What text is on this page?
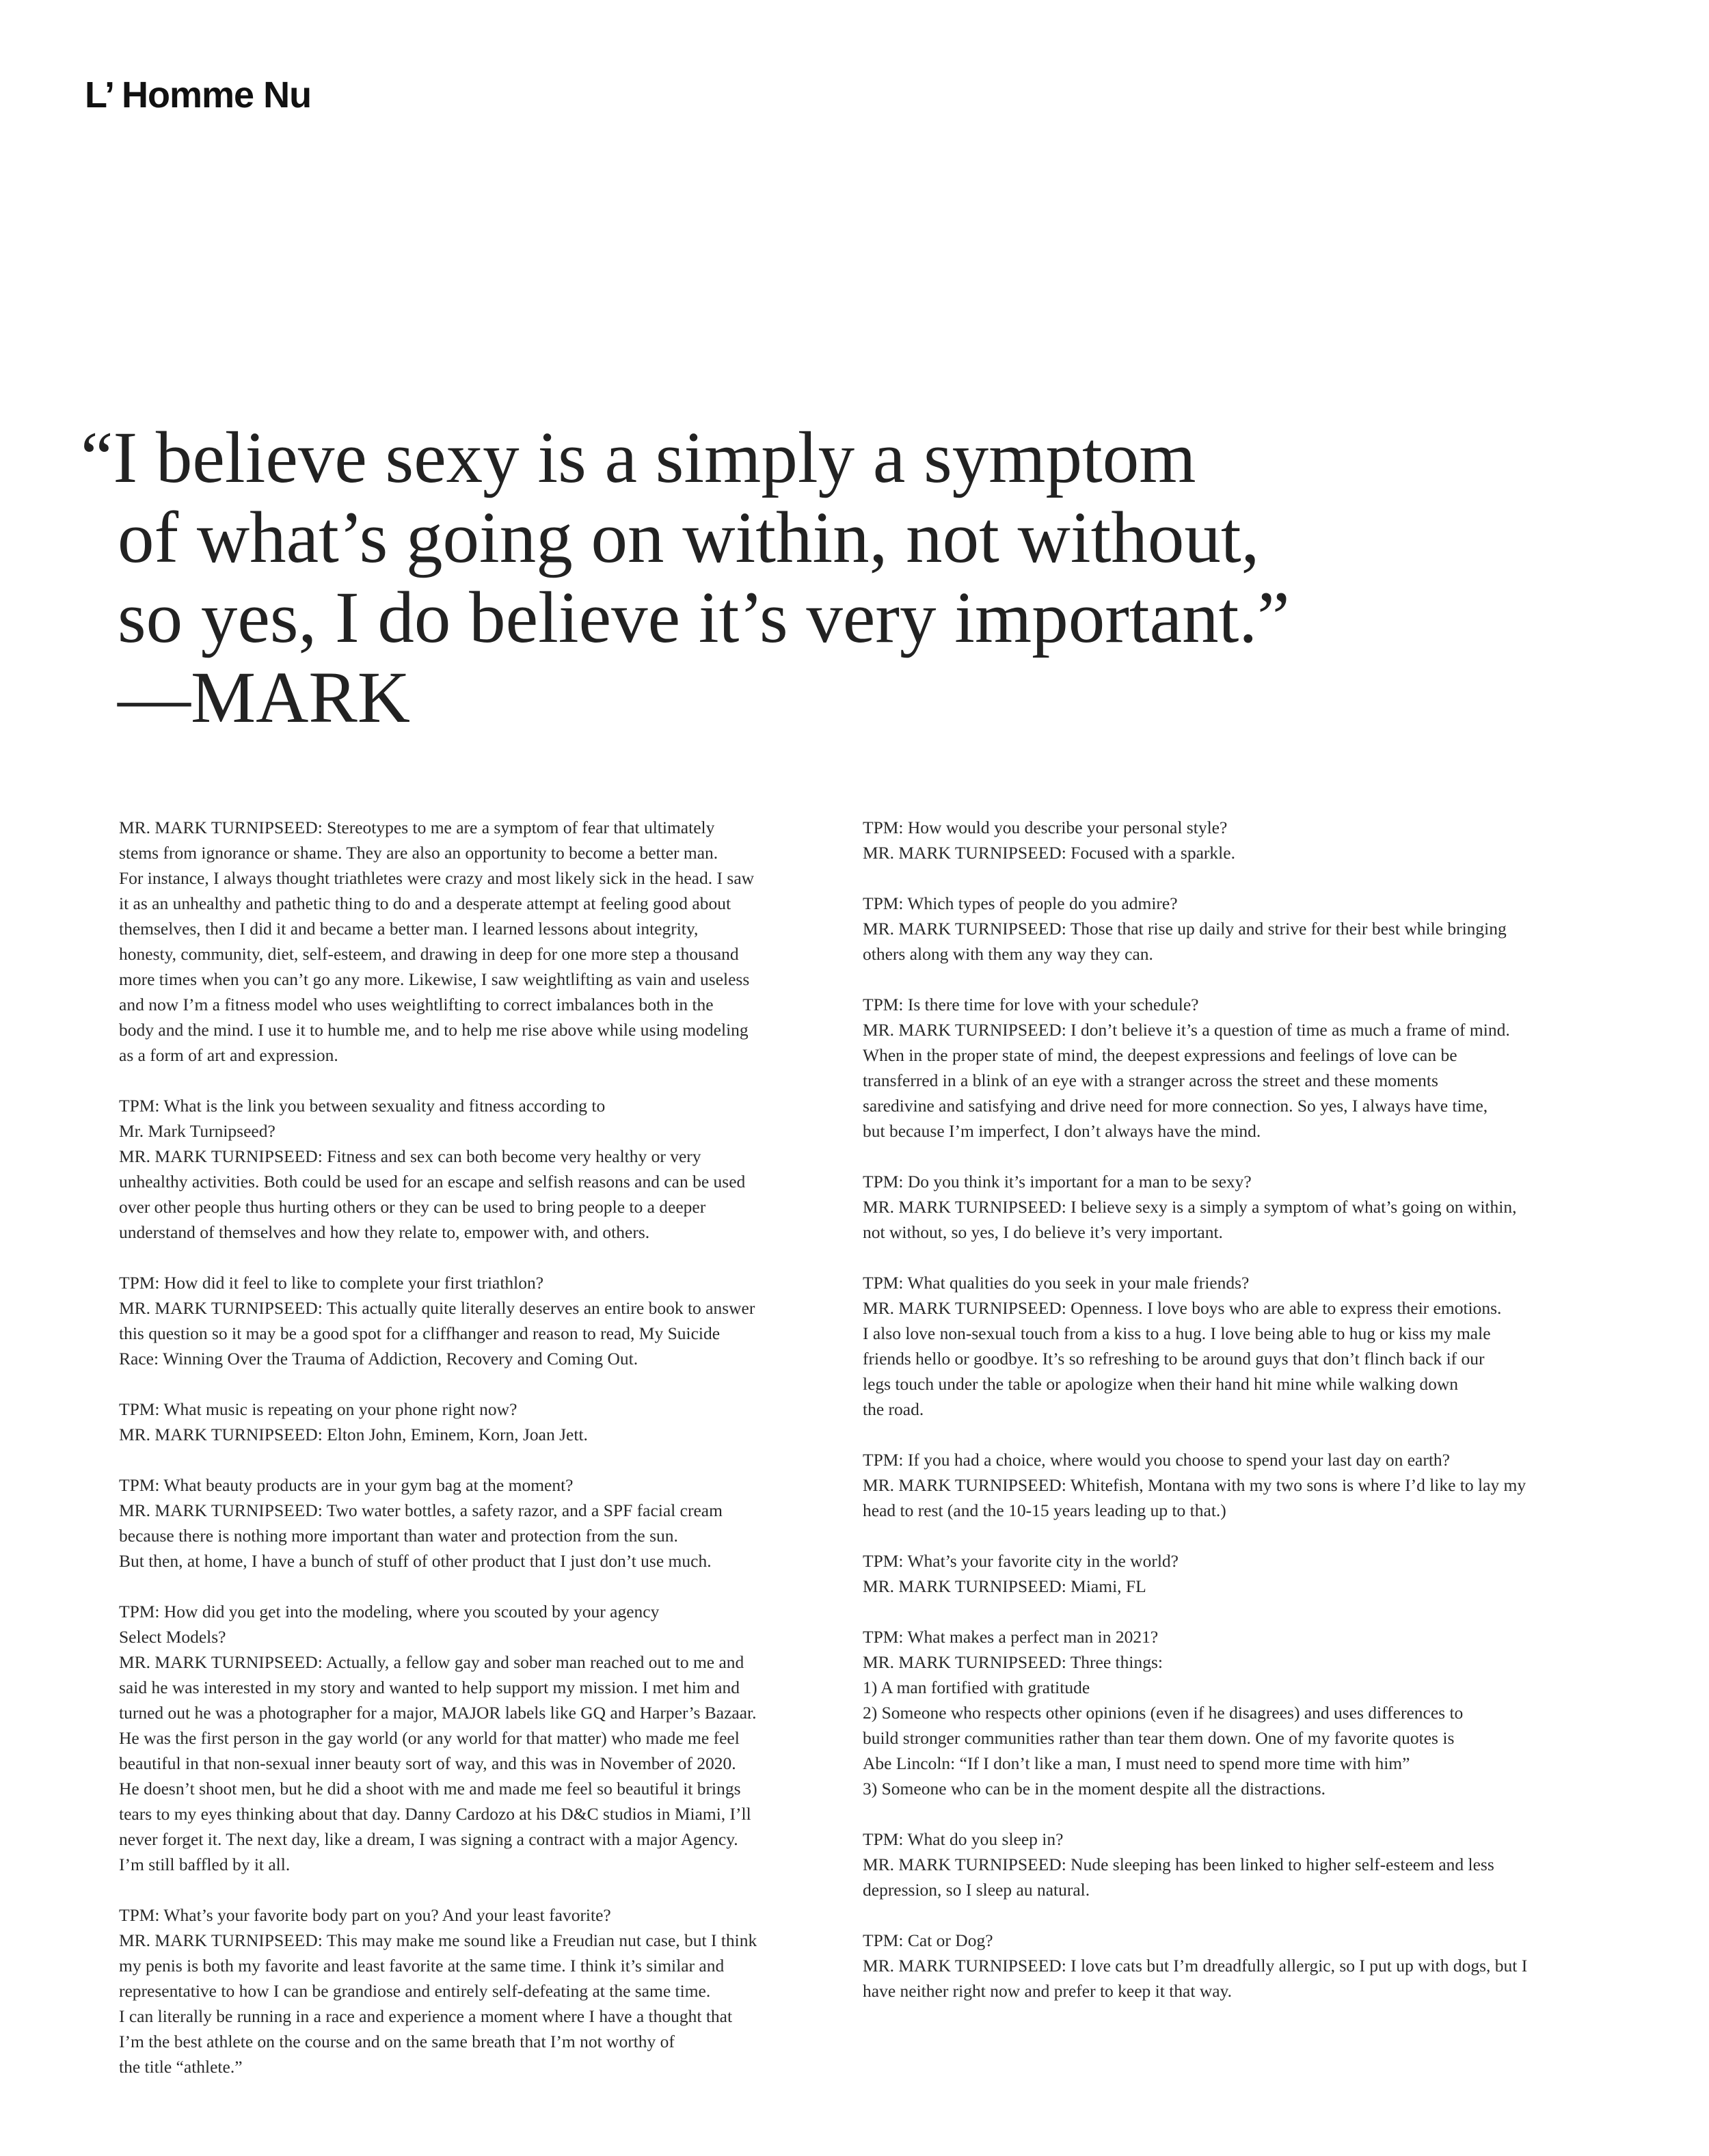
L’ Homme Nu
“I believe sexy is a simply a symptom
of what’s going on within, not without,
so yes, I do believe it’s very important.”
—MARK

MR. MARK TURNIPSEED: Stereotypes to me are a symptom of fear that ultimately
stems from ignorance or shame. They are also an opportunity to become a better man.
For instance, I always thought triathletes were crazy and most likely sick in the head. I saw
it as an unhealthy and pathetic thing to do and a desperate attempt at feeling good about
themselves, then I did it and became a better man. I learned lessons about integrity,
honesty, community, diet, self-esteem, and drawing in deep for one more step a thousand
more times when you can’t go any more. Likewise, I saw weightlifting as vain and useless
and now I’m a fitness model who uses weightlifting to correct imbalances both in the
body and the mind. I use it to humble me, and to help me rise above while using modeling
as a form of art and expression.

TPM: What is the link you between sexuality and fitness according to
Mr. Mark Turnipseed?
MR. MARK TURNIPSEED: Fitness and sex can both become very healthy or very
unhealthy activities. Both could be used for an escape and selfish reasons and can be used
over other people thus hurting others or they can be used to bring people to a deeper
understand of themselves and how they relate to, empower with, and others.

TPM: How did it feel to like to complete your first triathlon?
MR. MARK TURNIPSEED: This actually quite literally deserves an entire book to answer
this question so it may be a good spot for a cliffhanger and reason to read, My Suicide
Race: Winning Over the Trauma of Addiction, Recovery and Coming Out.

TPM: What music is repeating on your phone right now?
MR. MARK TURNIPSEED: Elton John, Eminem, Korn, Joan Jett.

TPM: What beauty products are in your gym bag at the moment?
MR. MARK TURNIPSEED: Two water bottles, a safety razor, and a SPF facial cream
because there is nothing more important than water and protection from the sun.
But then, at home, I have a bunch of stuff of other product that I just don’t use much.

TPM: How did you get into the modeling, where you scouted by your agency
Select Models?
MR. MARK TURNIPSEED: Actually, a fellow gay and sober man reached out to me and
said he was interested in my story and wanted to help support my mission. I met him and
turned out he was a photographer for a major, MAJOR labels like GQ and Harper’s Bazaar.
He was the first person in the gay world (or any world for that matter) who made me feel
beautiful in that non-sexual inner beauty sort of way, and this was in November of 2020.
He doesn’t shoot men, but he did a shoot with me and made me feel so beautiful it brings
tears to my eyes thinking about that day. Danny Cardozo at his D&C studios in Miami, I’ll
never forget it. The next day, like a dream, I was signing a contract with a major Agency.
I’m still baffled by it all.

TPM: What’s your favorite body part on you? And your least favorite?
MR. MARK TURNIPSEED: This may make me sound like a Freudian nut case, but I think
my penis is both my favorite and least favorite at the same time. I think it’s similar and
representative to how I can be grandiose and entirely self-defeating at the same time.
I can literally be running in a race and experience a moment where I have a thought that
I’m the best athlete on the course and on the same breath that I’m not worthy of
the title “athlete.”

TPM: How would you describe your personal style?
MR. MARK TURNIPSEED: Focused with a sparkle.

TPM: Which types of people do you admire?
MR. MARK TURNIPSEED: Those that rise up daily and strive for their best while bringing
others along with them any way they can.

TPM: Is there time for love with your schedule?
MR. MARK TURNIPSEED: I don’t believe it’s a question of time as much a frame of mind.
When in the proper state of mind, the deepest expressions and feelings of love can be
transferred in a blink of an eye with a stranger across the street and these moments
saredivine and satisfying and drive need for more connection. So yes, I always have time,
but because I’m imperfect, I don’t always have the mind.

TPM: Do you think it’s important for a man to be sexy?
MR. MARK TURNIPSEED: I believe sexy is a simply a symptom of what’s going on within,
not without, so yes, I do believe it’s very important.

TPM: What qualities do you seek in your male friends?
MR. MARK TURNIPSEED: Openness. I love boys who are able to express their emotions.
I also love non-sexual touch from a kiss to a hug. I love being able to hug or kiss my male
friends hello or goodbye. It’s so refreshing to be around guys that don’t flinch back if our
legs touch under the table or apologize when their hand hit mine while walking down
the road.

TPM: If you had a choice, where would you choose to spend your last day on earth?
MR. MARK TURNIPSEED: Whitefish, Montana with my two sons is where I’d like to lay my
head to rest (and the 10-15 years leading up to that.)

TPM: What’s your favorite city in the world?
MR. MARK TURNIPSEED: Miami, FL

TPM: What makes a perfect man in 2021?
MR. MARK TURNIPSEED: Three things:
1) A man fortified with gratitude
2) Someone who respects other opinions (even if he disagrees) and uses differences to
build stronger communities rather than tear them down. One of my favorite quotes is
Abe Lincoln: “If I don’t like a man, I must need to spend more time with him”
3) Someone who can be in the moment despite all the distractions.

TPM: What do you sleep in?
MR. MARK TURNIPSEED: Nude sleeping has been linked to higher self-esteem and less
depression, so I sleep au natural.

TPM: Cat or Dog?
MR. MARK TURNIPSEED: I love cats but I’m dreadfully allergic, so I put up with dogs, but I
have neither right now and prefer to keep it that way.
